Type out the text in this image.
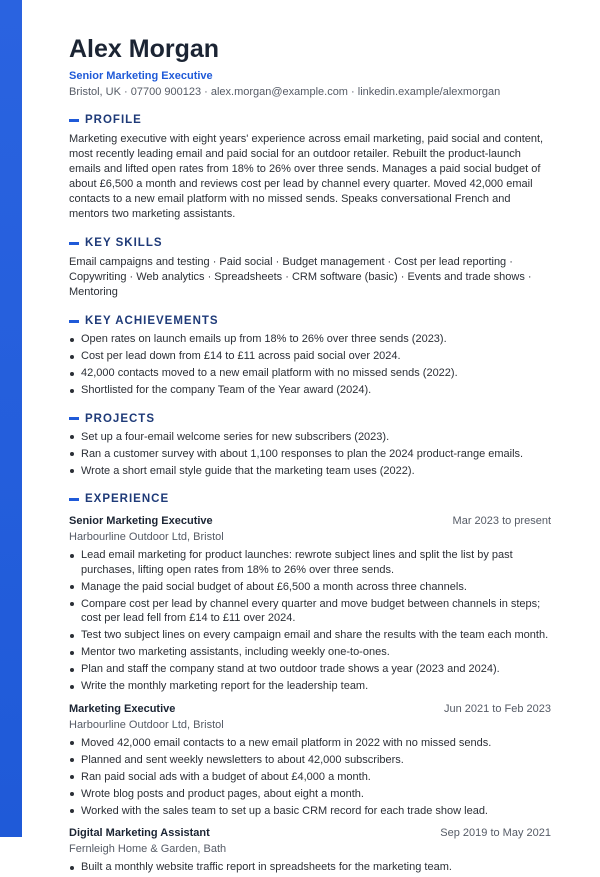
Alex Morgan
Senior Marketing Executive
Bristol, UK · 07700 900123 · alex.morgan@example.com · linkedin.example/alexmorgan
PROFILE
Marketing executive with eight years' experience across email marketing, paid social and content, most recently leading email and paid social for an outdoor retailer. Rebuilt the product-launch emails and lifted open rates from 18% to 26% over three sends. Manages a paid social budget of about £6,500 a month and reviews cost per lead by channel every quarter. Moved 42,000 email contacts to a new email platform with no missed sends. Speaks conversational French and mentors two marketing assistants.
KEY SKILLS
Email campaigns and testing · Paid social · Budget management · Cost per lead reporting · Copywriting · Web analytics · Spreadsheets · CRM software (basic) · Events and trade shows · Mentoring
KEY ACHIEVEMENTS
Open rates on launch emails up from 18% to 26% over three sends (2023).
Cost per lead down from £14 to £11 across paid social over 2024.
42,000 contacts moved to a new email platform with no missed sends (2022).
Shortlisted for the company Team of the Year award (2024).
PROJECTS
Set up a four-email welcome series for new subscribers (2023).
Ran a customer survey with about 1,100 responses to plan the 2024 product-range emails.
Wrote a short email style guide that the marketing team uses (2022).
EXPERIENCE
Senior Marketing Executive	Mar 2023 to present
Harbourline Outdoor Ltd, Bristol
Lead email marketing for product launches: rewrote subject lines and split the list by past purchases, lifting open rates from 18% to 26% over three sends.
Manage the paid social budget of about £6,500 a month across three channels.
Compare cost per lead by channel every quarter and move budget between channels in steps; cost per lead fell from £14 to £11 over 2024.
Test two subject lines on every campaign email and share the results with the team each month.
Mentor two marketing assistants, including weekly one-to-ones.
Plan and staff the company stand at two outdoor trade shows a year (2023 and 2024).
Write the monthly marketing report for the leadership team.
Marketing Executive	Jun 2021 to Feb 2023
Harbourline Outdoor Ltd, Bristol
Moved 42,000 email contacts to a new email platform in 2022 with no missed sends.
Planned and sent weekly newsletters to about 42,000 subscribers.
Ran paid social ads with a budget of about £4,000 a month.
Wrote blog posts and product pages, about eight a month.
Worked with the sales team to set up a basic CRM record for each trade show lead.
Digital Marketing Assistant	Sep 2019 to May 2021
Fernleigh Home & Garden, Bath
Built a monthly website traffic report in spreadsheets for the marketing team.
